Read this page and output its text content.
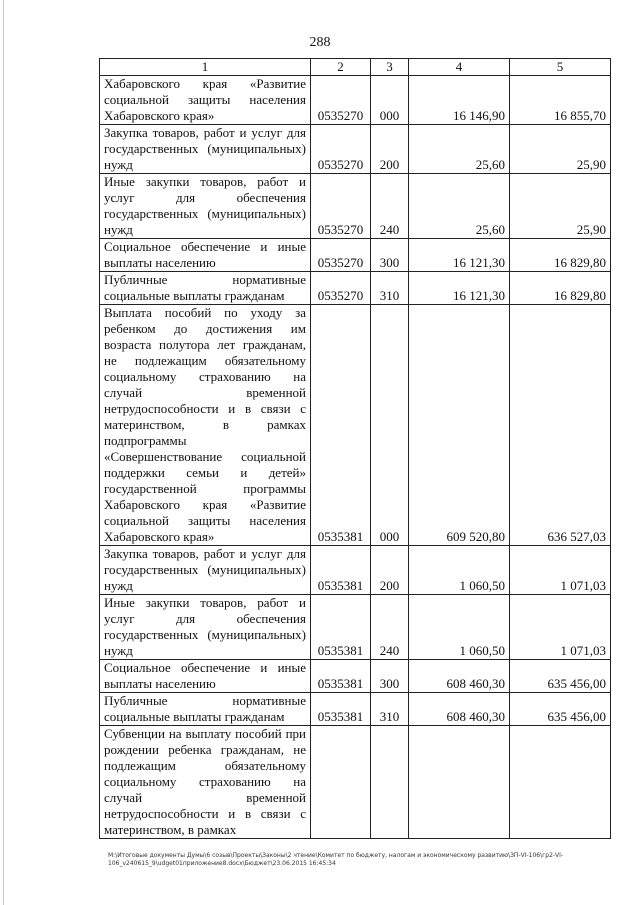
288
1	2	3	4	5
Хабаровского края «Развитие социальной защиты населения Хабаровского края»	0535270	000	16 146,90	16 855,70
Закупка товаров, работ и услуг для государственных (муниципальных) нужд	0535270	200	25,60	25,90
Иные закупки товаров, работ и услуг для обеспечения государственных (муниципальных) нужд	0535270	240	25,60	25,90
Социальное обеспечение и иные выплаты населению	0535270	300	16 121,30	16 829,80
Публичные нормативные социальные выплаты гражданам	0535270	310	16 121,30	16 829,80
Выплата пособий по уходу за ребенком до достижения им возраста полутора лет гражданам, не подлежащим обязательному социальному страхованию на случай временной нетрудоспособности и в связи с материнством, в рамках подпрограммы «Совершенствование социальной поддержки семьи и детей» государственной программы Хабаровского края «Развитие социальной защиты населения Хабаровского края»	0535381	000	609 520,80	636 527,03
Закупка товаров, работ и услуг для государственных (муниципальных) нужд	0535381	200	1 060,50	1 071,03
Иные закупки товаров, работ и услуг для обеспечения государственных (муниципальных) нужд	0535381	240	1 060,50	1 071,03
Социальное обеспечение и иные выплаты населению	0535381	300	608 460,30	635 456,00
Публичные нормативные социальные выплаты гражданам	0535381	310	608 460,30	635 456,00
Субвенции на выплату пособий при рождении ребенка гражданам, не подлежащим обязательному социальному страхованию на случай временной нетрудоспособности и в связи с материнством, в рамках				
M:\Итоговые документы Думы\6 созыв\Проекты\Законы\2 чтение\Комитет по бюджету, налогам и экономическому развитию\ЗП-VI-106\гр2-VI-106_v240615_9\udget01приложение8.docx\Бюджет\23.06.2015 16:45:34
